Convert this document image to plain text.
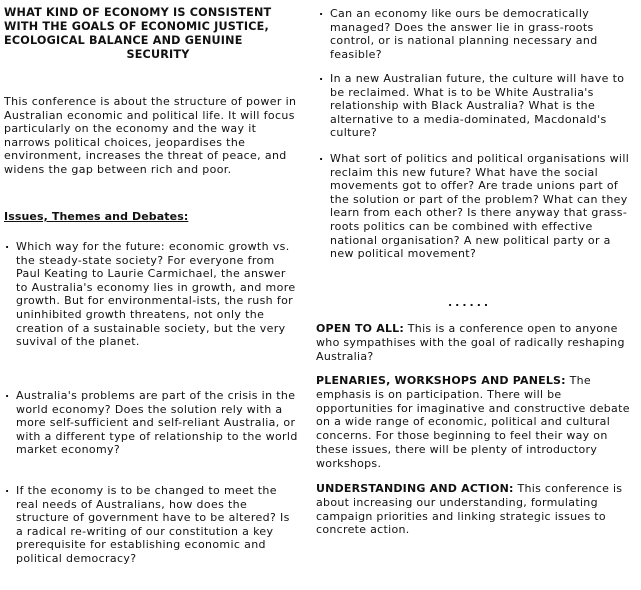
WHAT KIND OF ECONOMY IS CONSISTENT
WITH THE GOALS OF ECONOMIC JUSTICE,
ECOLOGICAL BALANCE AND GENUINE
SECURITY
This conference is about the structure of power in Australian economic and political life. It will focus particularly on the economy and the way it narrows political choices, jeopardises the environment, increases the threat of peace, and widens the gap between rich and poor.
Issues, Themes and Debates:
. Which way for the future: economic growth vs. the steady-state society? For everyone from Paul Keating to Laurie Carmichael, the answer to Australia's economy lies in growth, and more growth. But for environmental-ists, the rush for uninhibited growth threatens, not only the creation of a sustainable society, but the very suvival of the planet.
. Australia's problems are part of the crisis in the world economy? Does the solution rely with a more self-sufficient and self-reliant Australia, or with a different type of relationship to the world market economy?
. If the economy is to be changed to meet the real needs of Australians, how does the structure of government have to be altered? Is a radical re-writing of our constitution a key prerequisite for establishing economic and political democracy?
. Can an economy like ours be democratically managed? Does the answer lie in grass-roots control, or is national planning necessary and feasible?
. In a new Australian future, the culture will have to be reclaimed. What is to be White Australia's relationship with Black Australia? What is the alternative to a media-dominated, Macdonald's culture?
. What sort of politics and political organisations will reclaim this new future? What have the social movements got to offer? Are trade unions part of the solution or part of the problem? What can they learn from each other? Is there anyway that grass-roots politics can be combined with effective national organisation? A new political party or a new political movement?
......
OPEN TO ALL: This is a conference open to anyone who sympathises with the goal of radically reshaping Australia?
PLENARIES, WORKSHOPS AND PANELS: The emphasis is on participation. There will be opportunities for imaginative and constructive debate on a wide range of economic, political and cultural concerns. For those beginning to feel their way on these issues, there will be plenty of introductory workshops.
UNDERSTANDING AND ACTION: This conference is about increasing our understanding, formulating campaign priorities and linking strategic issues to concrete action.
